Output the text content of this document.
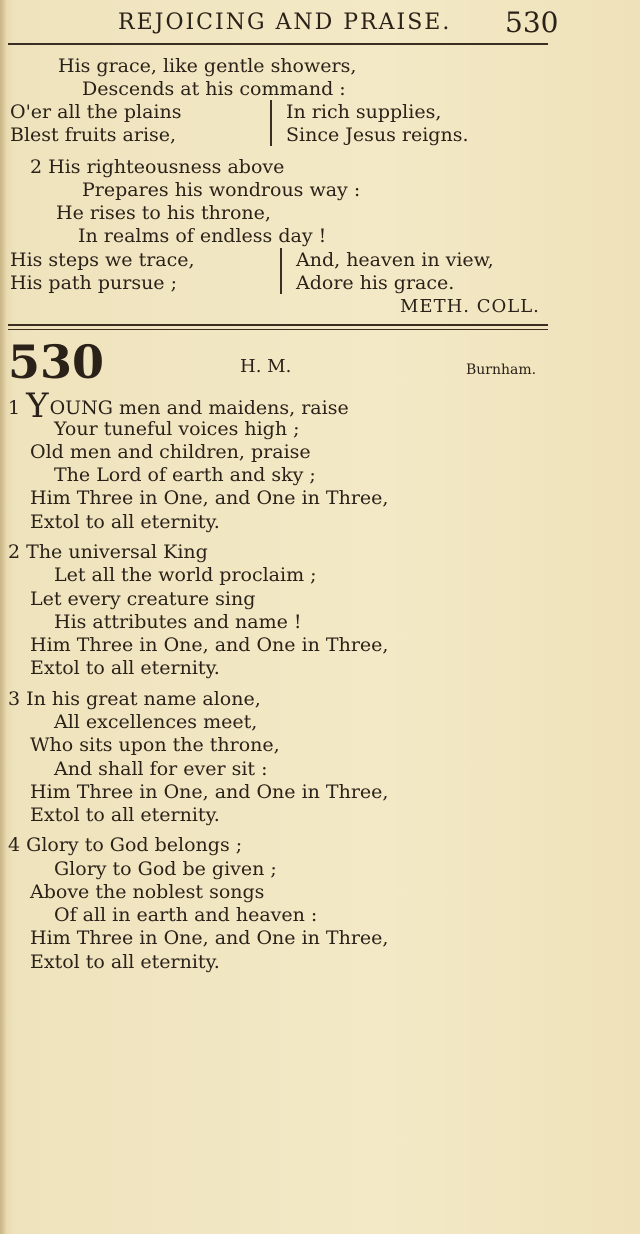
REJOICING AND PRAISE. 530
His grace, like gentle showers,
Descends at his command :
O'er all the plains	In rich supplies,
Blest fruits arise,	Since Jesus reigns.
2 His righteousness above
Prepares his wondrous way :
He rises to his throne,
In realms of endless day !
His steps we trace,	And, heaven in view,
His path pursue ;	Adore his grace.
METH. COLL.
530	H. M.	Burnham.
1 YOUNG men and maidens, raise
Your tuneful voices high ;
Old men and children, praise
The Lord of earth and sky ;
Him Three in One, and One in Three,
Extol to all eternity.
2 The universal King
Let all the world proclaim ;
Let every creature sing
His attributes and name !
Him Three in One, and One in Three,
Extol to all eternity.
3 In his great name alone,
All excellences meet,
Who sits upon the throne,
And shall for ever sit :
Him Three in One, and One in Three,
Extol to all eternity.
4 Glory to God belongs ;
Glory to God be given ;
Above the noblest songs
Of all in earth and heaven :
Him Three in One, and One in Three,
Extol to all eternity.
